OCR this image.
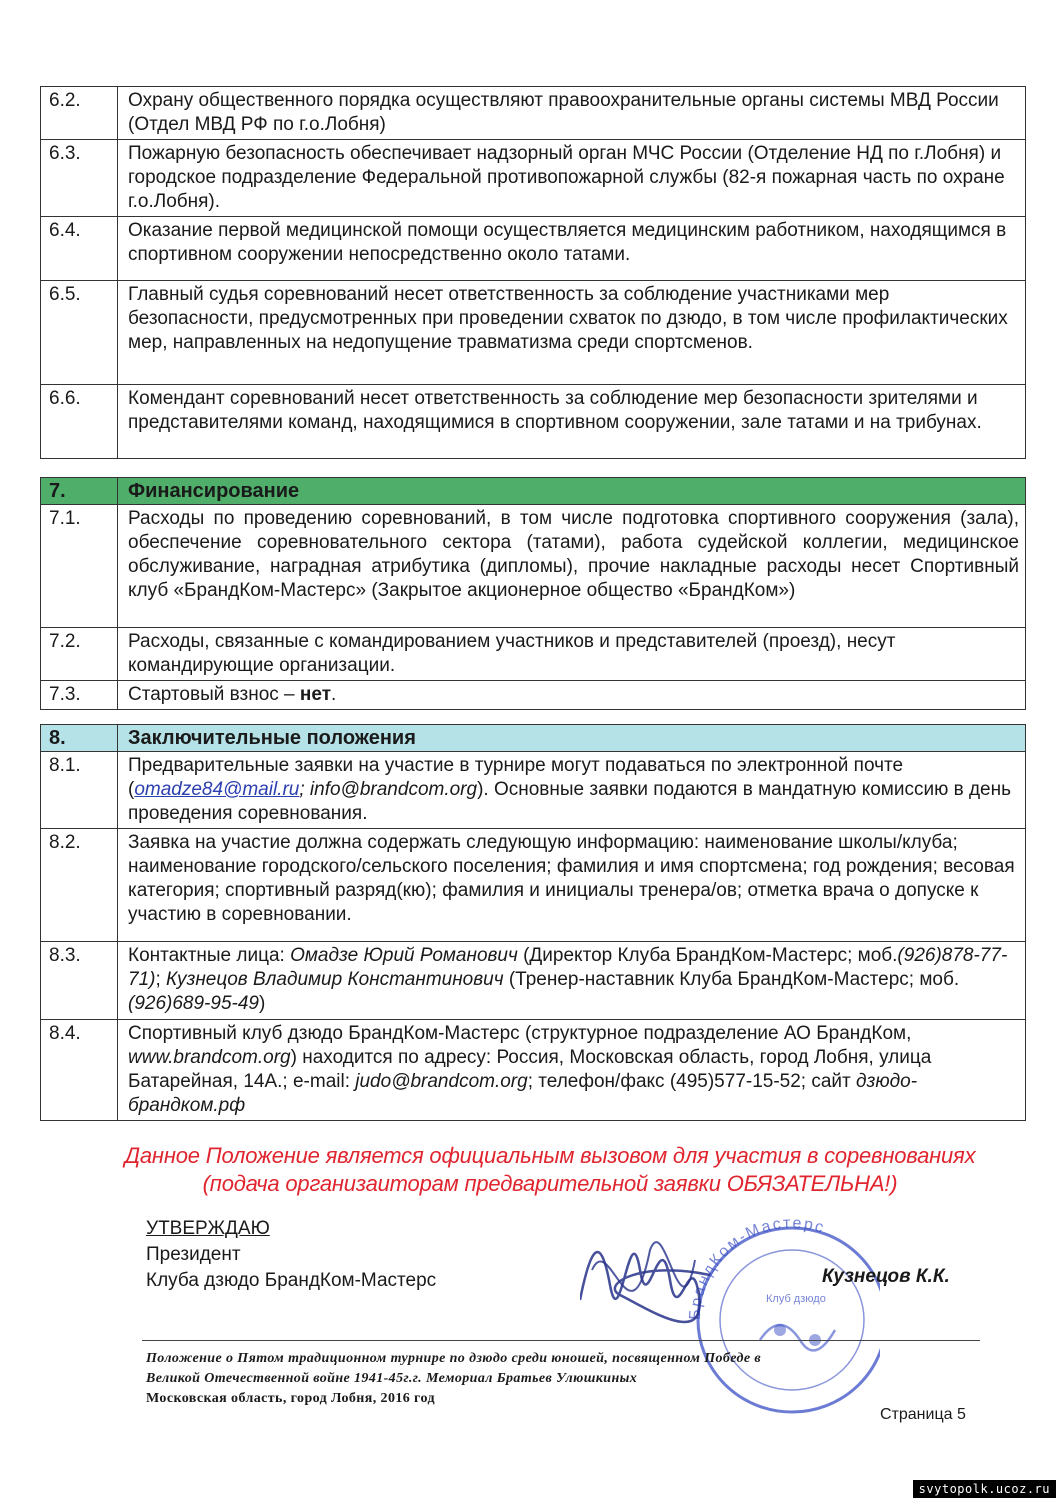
6.2.	Охрану общественного порядка осуществляют правоохранительные органы системы МВД России (Отдел МВД РФ по г.о.Лобня)
6.3.	Пожарную безопасность обеспечивает надзорный орган МЧС России (Отделение НД по г.Лобня) и городское подразделение Федеральной противопожарной службы (82-я пожарная часть по охране г.о.Лобня).
6.4.	Оказание первой медицинской помощи осуществляется медицинским работником, находящимся в спортивном сооружении непосредственно около татами.
6.5.	Главный судья соревнований несет ответственность за соблюдение участниками мер безопасности, предусмотренных при проведении схваток по дзюдо, в том числе профилактических мер, направленных на недопущение травматизма среди спортсменов.
6.6.	Комендант соревнований несет ответственность за соблюдение мер безопасности зрителями и представителями команд, находящимися в спортивном сооружении, зале татами и на трибунах.
7.	Финансирование
7.1.	Расходы по проведению соревнований, в том числе подготовка спортивного сооружения (зала), обеспечение соревновательного сектора (татами), работа судейской коллегии, медицинское обслуживание, наградная атрибутика (дипломы), прочие накладные расходы несет Спортивный клуб «БрандКом-Мастерс» (Закрытое акционерное общество «БрандКом»)
7.2.	Расходы, связанные с командированием участников и представителей (проезд), несут командирующие организации.
7.3.	Стартовый взнос – нет.
8.	Заключительные положения
8.1.	Предварительные заявки на участие в турнире могут подаваться по электронной почте (omadze84@mail.ru; info@brandcom.org). Основные заявки подаются в мандатную комиссию в день проведения соревнования.
8.2.	Заявка на участие должна содержать следующую информацию: наименование школы/клуба; наименование городского/сельского поселения; фамилия и имя спортсмена; год рождения; весовая категория; спортивный разряд(кю); фамилия и инициалы тренера/ов; отметка врача о допуске к участию в соревновании.
8.3.	Контактные лица: Омадзе Юрий Романович (Директор Клуба БрандКом-Мастерс; моб.(926)878-77-71); Кузнецов Владимир Константинович (Тренер-наставник Клуба БрандКом-Мастерс; моб.(926)689-95-49)
8.4.	Спортивный клуб дзюдо БрандКом-Мастерс (структурное подразделение АО БрандКом, www.brandcom.org) находится по адресу: Россия, Московская область, город Лобня, улица Батарейная, 14А.; e-mail: judo@brandcom.org; телефон/факс (495)577-15-52; сайт дзюдо-брандком.рф
Данное Положение является официальным вызовом для участия в соревнованиях
(подача организаиторам предварительной заявки ОБЯЗАТЕЛЬНА!)
БрандКом-Мастерс
Клуб дзюдо
УТВЕРЖДАЮ
Президент
Клуба дзюдо БрандКом-Мастерс	Кузнецов К.К.
Положение о Пятом традиционном турнире по дзюдо среди юношей, посвященном Победе в
Великой Отечественной войне 1941-45г.г. Мемориал Братьев Улюшкиных
Московская область, город Лобня, 2016 год
Страница 5
svytopolk.ucoz.ru
